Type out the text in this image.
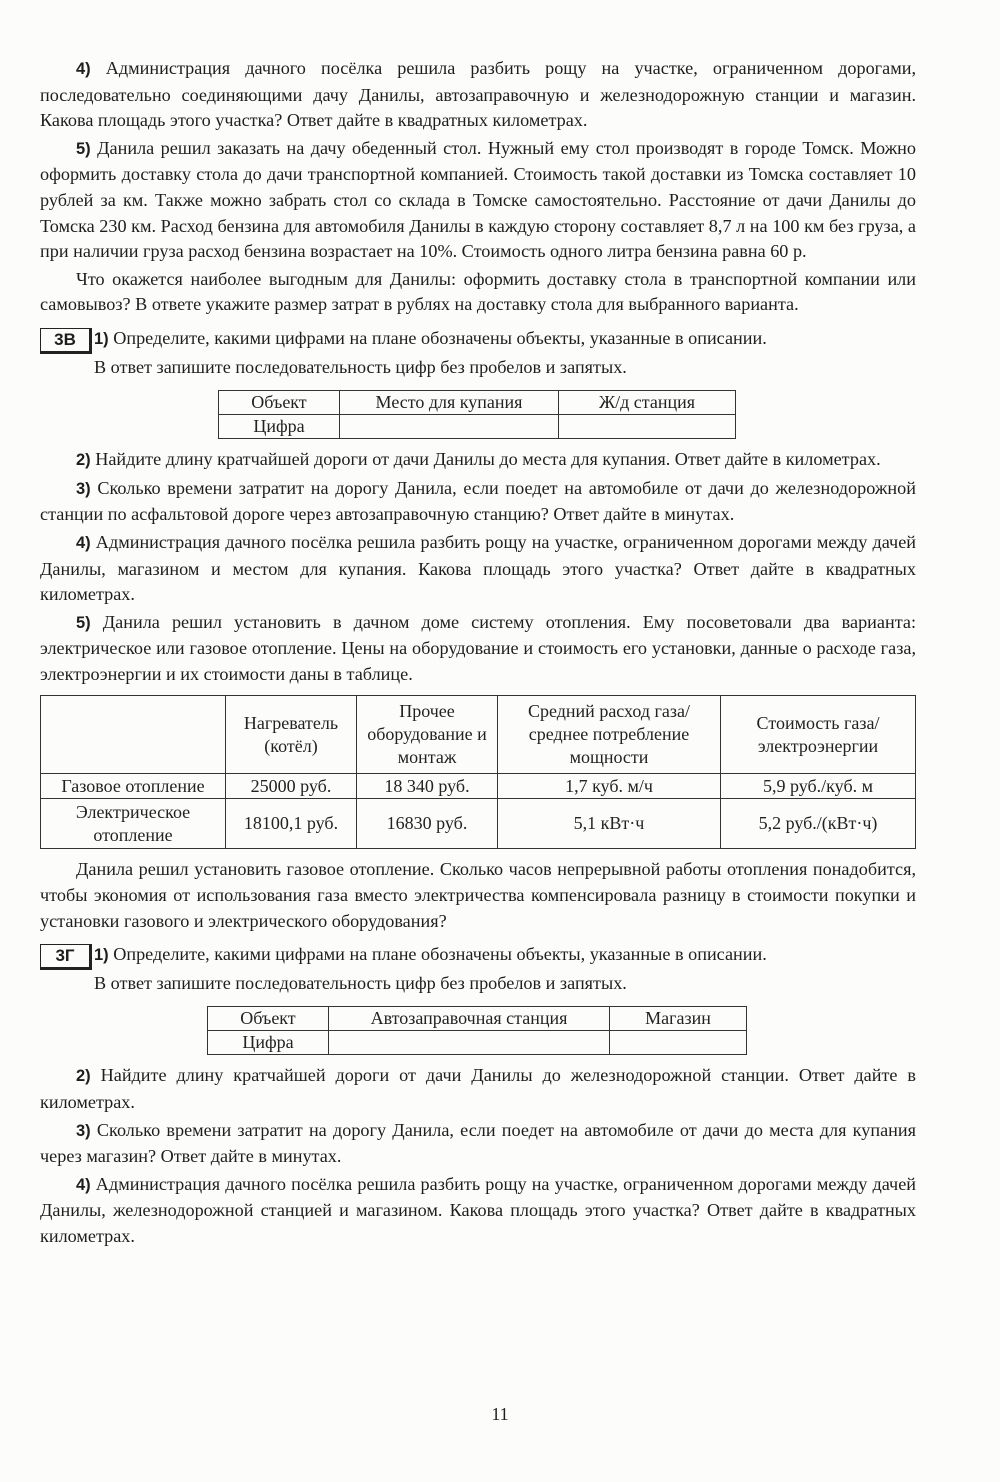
4) Администрация дачного посёлка решила разбить рощу на участке, ограниченном дорогами, последовательно соединяющими дачу Данилы, автозаправочную и железнодорожную станции и магазин. Какова площадь этого участка? Ответ дайте в квадратных километрах.

5) Данила решил заказать на дачу обеденный стол. Нужный ему стол производят в городе Томск. Можно оформить доставку стола до дачи транспортной компанией. Стоимость такой доставки из Томска составляет 10 рублей за км. Также можно забрать стол со склада в Томске самостоятельно. Расстояние от дачи Данилы до Томска 230 км. Расход бензина для автомобиля Данилы в каждую сторону составляет 8,7 л на 100 км без груза, а при наличии груза расход бензина возрастает на 10%. Стоимость одного литра бензина равна 60 р.

Что окажется наиболее выгодным для Данилы: оформить доставку стола в транспортной компании или самовывоз? В ответе укажите размер затрат в рублях на доставку стола для выбранного варианта.

3В	1) Определите, какими цифрами на плане обозначены объекты, указанные в описании.

В ответ запишите последовательность цифр без пробелов и запятых.

Объект	Место для купания	Ж/д станция
Цифра		

2) Найдите длину кратчайшей дороги от дачи Данилы до места для купания. Ответ дайте в километрах.

3) Сколько времени затратит на дорогу Данила, если поедет на автомобиле от дачи до железнодорожной станции по асфальтовой дороге через автозаправочную станцию? Ответ дайте в минутах.

4) Администрация дачного посёлка решила разбить рощу на участке, ограниченном дорогами между дачей Данилы, магазином и местом для купания. Какова площадь этого участка? Ответ дайте в квадратных километрах.

5) Данила решил установить в дачном доме систему отопления. Ему посоветовали два варианта: электрическое или газовое отопление. Цены на оборудование и стоимость его установки, данные о расходе газа, электроэнергии и их стоимости даны в таблице.

	Нагреватель (котёл)	Прочее оборудование и монтаж	Средний расход газа/ среднее потребление мощности	Стоимость газа/ электроэнергии
Газовое отопление	25000 руб.	18 340 руб.	1,7 куб. м/ч	5,9 руб./куб. м
Электрическое отопление	18100,1 руб.	16830 руб.	5,1 кВт·ч	5,2 руб./(кВт·ч)

Данила решил установить газовое отопление. Сколько часов непрерывной работы отопления понадобится, чтобы экономия от использования газа вместо электричества компенсировала разницу в стоимости покупки и установки газового и электрического оборудования?

3Г	1) Определите, какими цифрами на плане обозначены объекты, указанные в описании.

В ответ запишите последовательность цифр без пробелов и запятых.

Объект	Автозаправочная станция	Магазин
Цифра		

2) Найдите длину кратчайшей дороги от дачи Данилы до железнодорожной станции. Ответ дайте в километрах.

3) Сколько времени затратит на дорогу Данила, если поедет на автомобиле от дачи до места для купания через магазин? Ответ дайте в минутах.

4) Администрация дачного посёлка решила разбить рощу на участке, ограниченном дорогами между дачей Данилы, железнодорожной станцией и магазином. Какова площадь этого участка? Ответ дайте в квадратных километрах.

11
